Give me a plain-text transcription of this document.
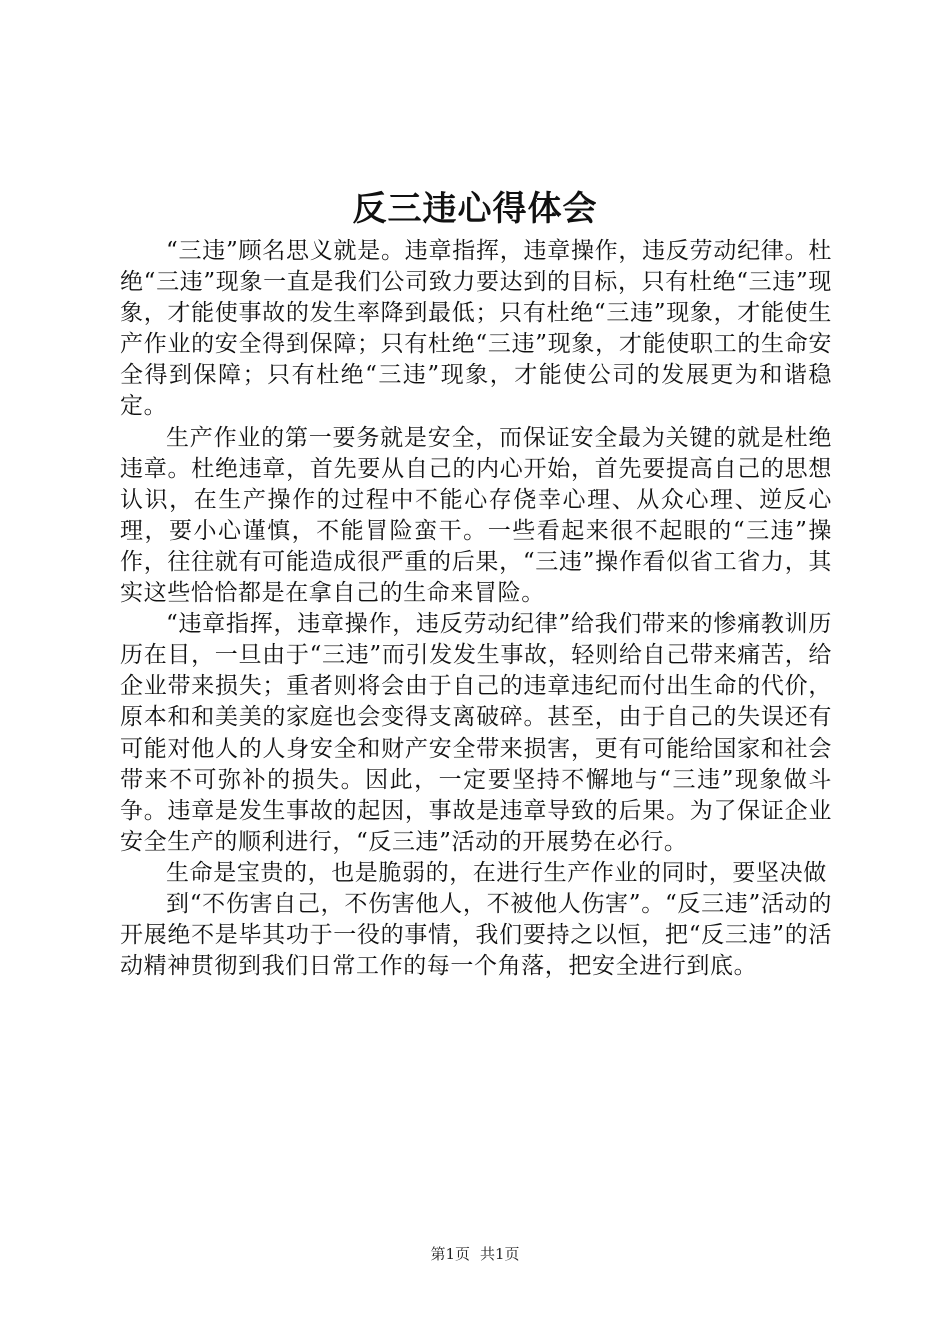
反三违心得体会

“三违”顾名思义就是。违章指挥，违章操作，违反劳动纪律。杜绝“三违”现象一直是我们公司致力要达到的目标，只有杜绝“三违”现象，才能使事故的发生率降到最低；只有杜绝“三违”现象，才能使生产作业的安全得到保障；只有杜绝“三违”现象，才能使职工的生命安全得到保障；只有杜绝“三违”现象，才能使公司的发展更为和谐稳定。

生产作业的第一要务就是安全，而保证安全最为关键的就是杜绝违章。杜绝违章，首先要从自己的内心开始，首先要提高自己的思想认识，在生产操作的过程中不能心存侥幸心理、从众心理、逆反心理，要小心谨慎，不能冒险蛮干。一些看起来很不起眼的“三违”操作，往往就有可能造成很严重的后果，“三违”操作看似省工省力，其实这些恰恰都是在拿自己的生命来冒险。

“违章指挥，违章操作，违反劳动纪律”给我们带来的惨痛教训历历在目，一旦由于“三违”而引发发生事故，轻则给自己带来痛苦，给企业带来损失；重者则将会由于自己的违章违纪而付出生命的代价，原本和和美美的家庭也会变得支离破碎。甚至，由于自己的失误还有可能对他人的人身安全和财产安全带来损害，更有可能给国家和社会带来不可弥补的损失。因此，一定要坚持不懈地与“三违”现象做斗争。违章是发生事故的起因，事故是违章导致的后果。为了保证企业安全生产的顺利进行，“反三违”活动的开展势在必行。

生命是宝贵的，也是脆弱的，在进行生产作业的同时，要坚决做

到“不伤害自己，不伤害他人，不被他人伤害”。“反三违”活动的开展绝不是毕其功于一役的事情，我们要持之以恒，把“反三违”的活动精神贯彻到我们日常工作的每一个角落，把安全进行到底。

第1页 共1页
